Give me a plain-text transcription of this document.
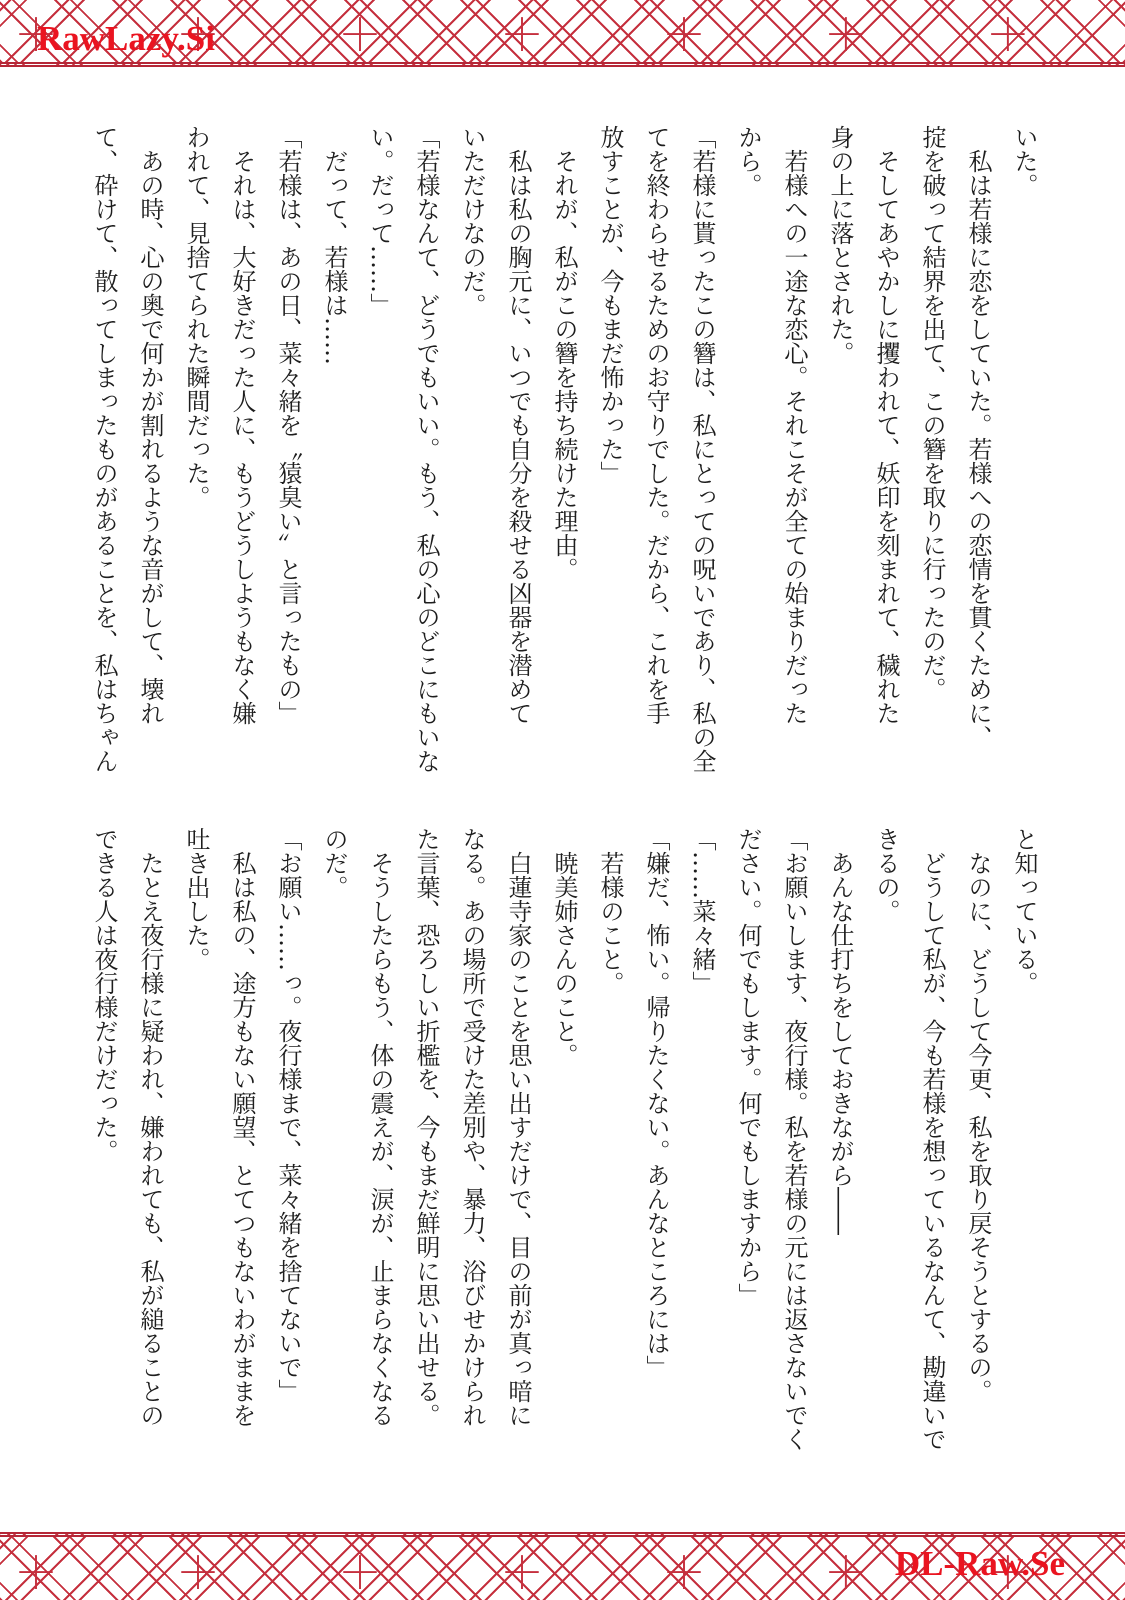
RawLazy.Si
＋ ＋ ＋ ＋ ＋ ＋ ＋ ＋ ＋ ＋ ＋ ＋
いた。
私は若様に恋をしていた。若様への恋情を貫くために、
掟を破って結界を出て、この簪を取りに行ったのだ。
そしてあやかしに攫われて、妖印を刻まれて、穢れた
身の上に落とされた。
若様への一途な恋心。それこそが全ての始まりだった
から。
「若様に貰ったこの簪は、私にとっての呪いであり、私の全
てを終わらせるためのお守りでした。だから、これを手
放すことが、今もまだ怖かった」
それが、私がこの簪を持ち続けた理由。
私は私の胸元に、いつでも自分を殺せる凶器を潜めて
いただけなのだ。
「若様なんて、どうでもいい。もう、私の心のどこにもいな
い。だって……」
だって、若様は……
「若様は、あの日、菜々緒を〝猿臭い〟と言ったもの」
それは、大好きだった人に、もうどうしようもなく嫌
われて、見捨てられた瞬間だった。
あの時、心の奥で何かが割れるような音がして、壊れ
て、砕けて、散ってしまったものがあることを、私はちゃん
と知っている。
なのに、どうして今更、私を取り戻そうとするの。
どうして私が、今も若様を想っているなんて、勘違いで
きるの。
あんな仕打ちをしておきながら――
「お願いします、夜行様。私を若様の元には返さないでく
ださい。何でもします。何でもしますから」
「……菜々緒」
「嫌だ、怖い。帰りたくない。あんなところには」
若様のこと。
暁美姉さんのこと。
白蓮寺家のことを思い出すだけで、目の前が真っ暗に
なる。あの場所で受けた差別や、暴力、浴びせかけられ
た言葉、恐ろしい折檻を、今もまだ鮮明に思い出せる。
そうしたらもう、体の震えが、涙が、止まらなくなる
のだ。
「お願い……っ。夜行様まで、菜々緒を捨てないで」
私は私の、途方もない願望、とてつもないわがままを
吐き出した。
たとえ夜行様に疑われ、嫌われても、私が縋ることの
できる人は夜行様だけだった。
DL-Raw.Se
＋ ＋ ＋ ＋ ＋ ＋ ＋ ＋ ＋ ＋ ＋ ＋
